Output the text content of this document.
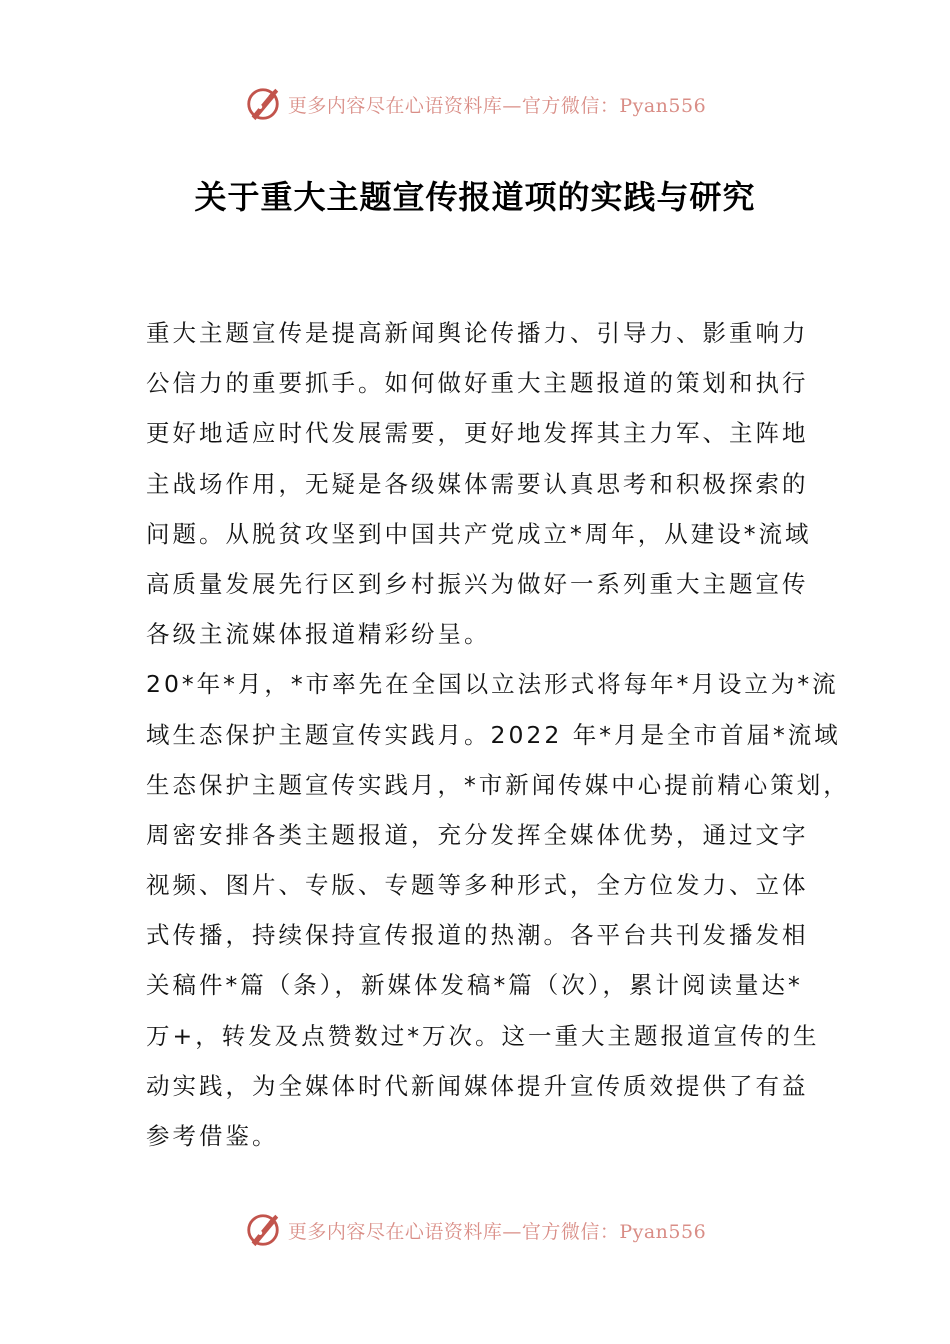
更多内容尽在心语资料库—官方微信：Pyan556
关于重大主题宣传报道项的实践与研究
重大主题宣传是提高新闻舆论传播力、引导力、影重响力
公信力的重要抓手。如何做好重大主题报道的策划和执行
更好地适应时代发展需要，更好地发挥其主力军、主阵地
主战场作用，无疑是各级媒体需要认真思考和积极探索的
问题。从脱贫攻坚到中国共产党成立*周年，从建设*流域
高质量发展先行区到乡村振兴为做好一系列重大主题宣传
各级主流媒体报道精彩纷呈。
20*年*月，*市率先在全国以立法形式将每年*月设立为*流
域生态保护主题宣传实践月。2022 年*月是全市首届*流域
生态保护主题宣传实践月，*市新闻传媒中心提前精心策划，
周密安排各类主题报道，充分发挥全媒体优势，通过文字
视频、图片、专版、专题等多种形式，全方位发力、立体
式传播，持续保持宣传报道的热潮。各平台共刊发播发相
关稿件*篇（条），新媒体发稿*篇（次），累计阅读量达*
万+，转发及点赞数过*万次。这一重大主题报道宣传的生
动实践，为全媒体时代新闻媒体提升宣传质效提供了有益
参考借鉴。
更多内容尽在心语资料库—官方微信：Pyan556
